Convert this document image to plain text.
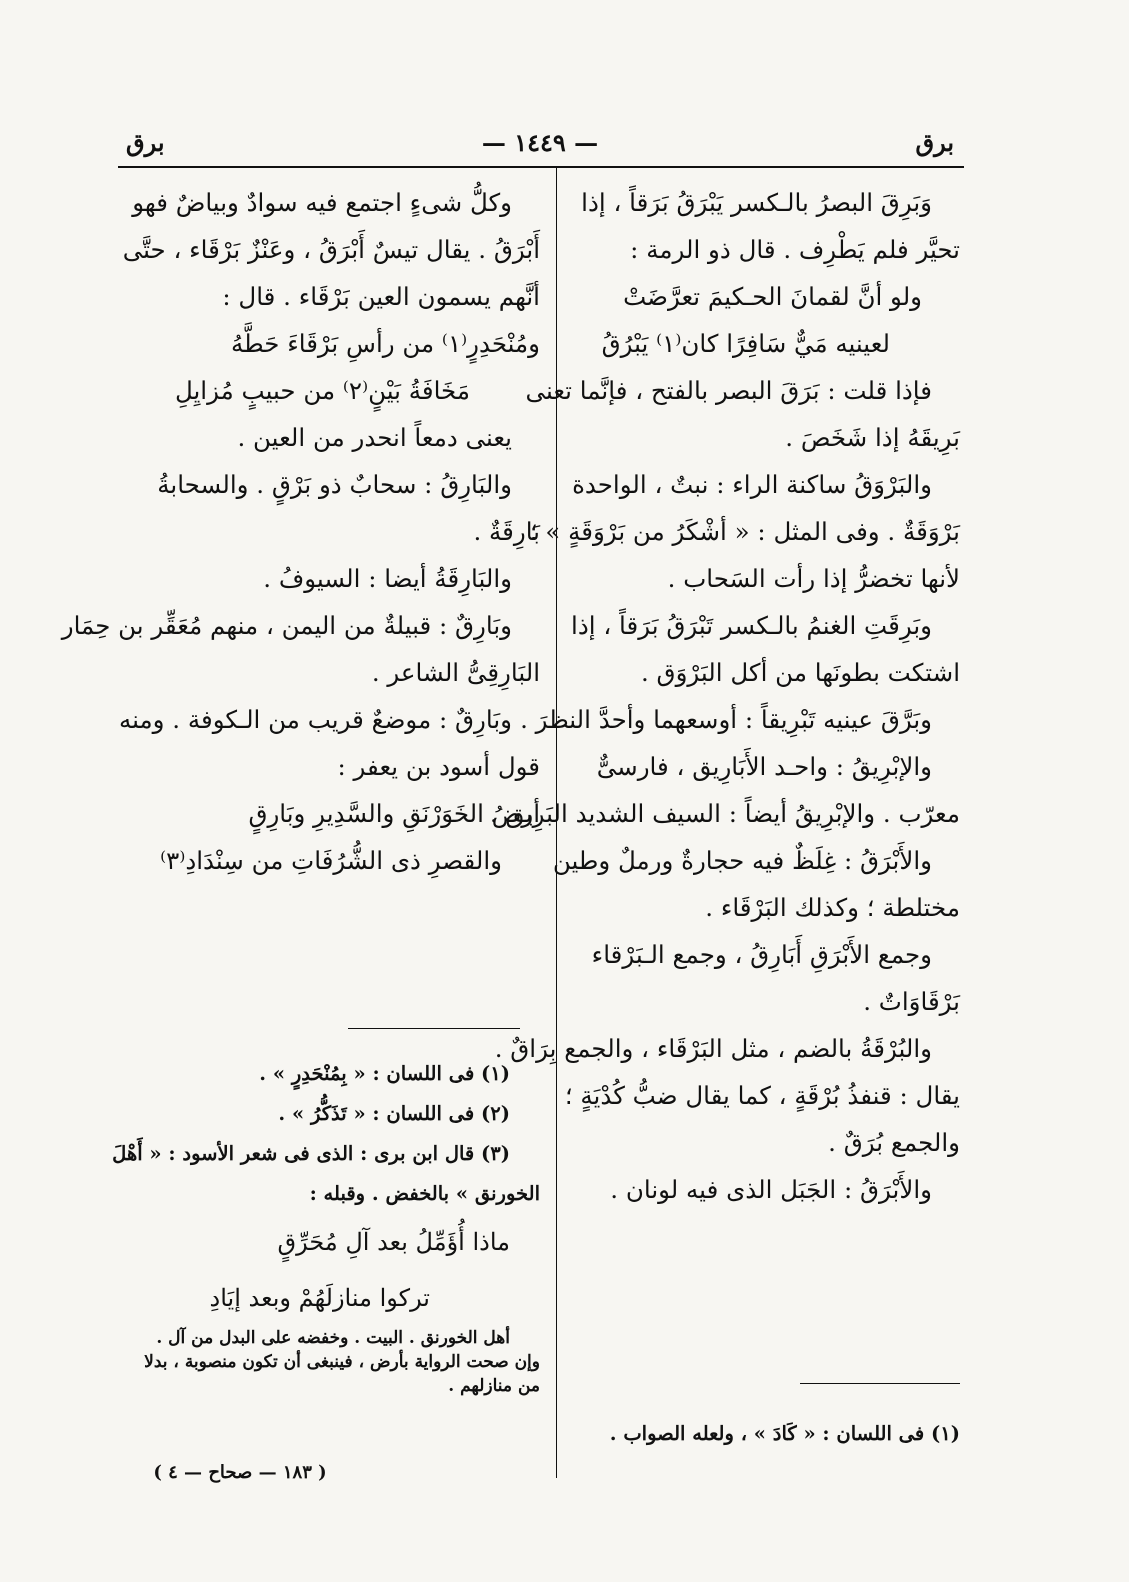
برق	— ١٤٤٩ —	برق

وَبَرِقَ البصرُ بالـكسر يَبْرَقُ بَرَقاً ، إذا

تحيَّر فلم يَطْرِف . قال ذو الرمة :

ولو أنَّ لقمانَ الحـكيمَ تعرَّضَتْ

لعينيه مَيٌّ سَافِرًا كان⁽١⁾ يَبْرُقُ

فإذا قلت : بَرَقَ البصر بالفتح ، فإنَّما تعنى

بَرِيقَهُ إذا شَخَصَ .

والبَرْوَقُ ساكنة الراء : نبتٌ ، الواحدة

بَرْوَقَةٌ . وفى المثل : « أشْكَرُ من بَرْوَقَةٍ » ؛

لأنها تخضرُّ إذا رأت السَحاب .

وبَرِقَتِ الغنمُ بالـكسر تَبْرَقُ بَرَقاً ، إذا

اشتكت بطونَها من أكل البَرْوَق .

وبَرَّقَ عينيه تَبْرِيقاً : أوسعهما وأحدَّ النظرَ .

والإبْرِيقُ : واحـد الأَبَارِيق ، فارسىٌّ

معرّب . والإبْرِيقُ أيضاً : السيف الشديد البَرِيق .

والأَبْرَقُ : غِلَظٌ فيه حجارةٌ ورملٌ وطين

مختلطة ؛ وكذلك البَرْقَاء .

وجمع الأَبْرَقِ أَبَارِقُ ، وجمع الـبَرْقاء

بَرْقَاوَاتٌ .

والبُرْقَةُ بالضم ، مثل البَرْقَاء ، والجمع بِرَاقٌ .

يقال : قنفذُ بُرْقَةٍ ، كما يقال ضبُّ كُدْيَةٍ ؛

والجمع بُرَقٌ .

والأَبْرَقُ : الجَبَل الذى فيه لونان .

(١) فى اللسان : « كَادَ » ، ولعله الصواب .

وكلُّ شىءٍ اجتمع فيه سوادٌ وبياضٌ فهو

أَبْرَقُ . يقال تيسٌ أَبْرَقُ ، وعَنْزٌ بَرْقَاء ، حتَّى

أنَّهم يسمون العين بَرْقَاء . قال :

ومُنْحَدِرٍ⁽١⁾ من رأسِ بَرْقَاءَ حَطَّهُ

مَخَافَةُ بَيْنٍ⁽٢⁾ من حبيبٍ مُزايِلِ

يعنى دمعاً انحدر من العين .

والبَارِقُ : سحابٌ ذو بَرْقٍ . والسحابةُ

بَارِقَةٌ .

والبَارِقَةُ أيضا : السيوفُ .

وبَارِقٌ : قبيلةٌ من اليمن ، منهم مُعَقِّر بن حِمَار

البَارِقِىُّ الشاعر .

وبَارِقٌ : موضعٌ قريب من الـكوفة . ومنه

قول أسود بن يعفر :

أرضُ الخَوَرْنَقِ والسَّدِيرِ وبَارِقٍ

والقصرِ ذى الشُّرُفَاتِ من سِنْدَادِ⁽٣⁾

(١) فى اللسان : « بِمُنْحَدِرٍ » .
(٢) فى اللسان : « تَذَكُّرُ » .
(٣) قال ابن برى : الذى فى شعر الأسود : « أَهْلَ
الخورنق » بالخفض . وقبله :
ماذا أُؤَمِّلُ بعد آلِ مُحَرِّقٍ
تركوا منازلَهُمْ وبعد إيَادِ
أهل الخورنق . البيت . وخفضه على البدل من آل .
وإن صحت الرواية بأرض ، فينبغى أن تكون منصوبة ، بدلا
من منازلهم .
( ١٨٣ — صحاح — ٤ )
